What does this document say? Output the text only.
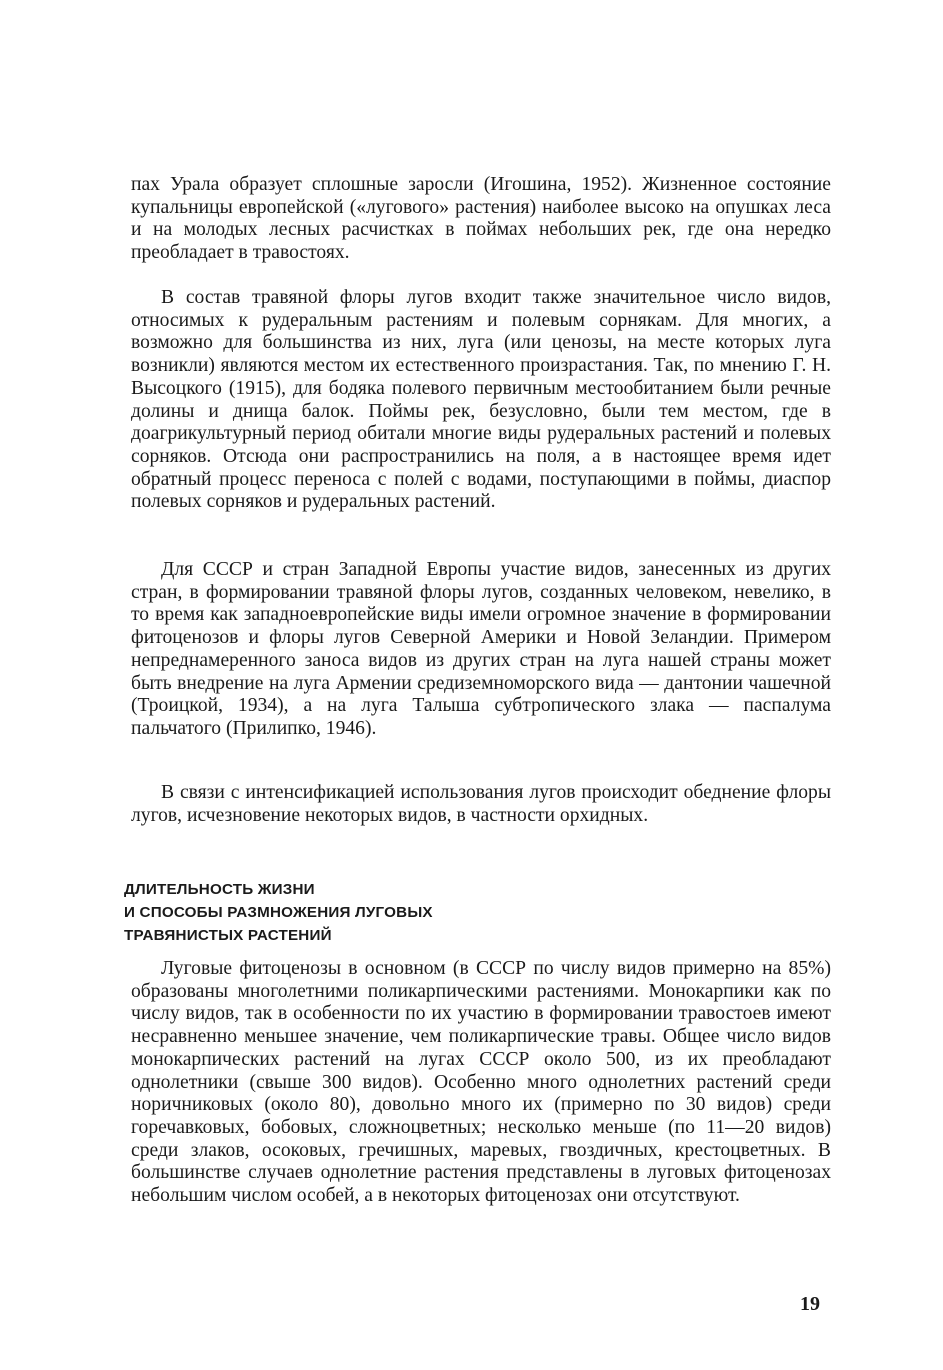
пах Урала образует сплошные заросли (Игошина, 1952). Жизненное состояние купальницы европейской («лугового» растения) наиболее высоко на опушках леса и на молодых лесных расчистках в поймах небольших рек, где она нередко преобладает в травостоях.

В состав травяной флоры лугов входит также значительное число видов, относимых к рудеральным растениям и полевым сорнякам. Для многих, а возможно для большинства из них, луга (или ценозы, на месте которых луга возникли) являются местом их естественного произрастания. Так, по мнению Г. Н. Высоцкого (1915), для бодяка полевого первичным местообитанием были речные долины и днища балок. Поймы рек, безусловно, были тем местом, где в доагрикультурный период обитали многие виды рудеральных растений и полевых сорняков. Отсюда они распространились на поля, а в настоящее время идет обратный процесс переноса с полей с водами, поступающими в поймы, диаспор полевых сорняков и рудеральных растений.

Для СССР и стран Западной Европы участие видов, занесенных из других стран, в формировании травяной флоры лугов, созданных человеком, невелико, в то время как западноевропейские виды имели огромное значение в формировании фитоценозов и флоры лугов Северной Америки и Новой Зеландии. Примером непреднамеренного заноса видов из других стран на луга нашей страны может быть внедрение на луга Армении средиземноморского вида — дантонии чашечной (Троицкой, 1934), а на луга Талыша субтропического злака — паспалума пальчатого (Прилипко, 1946).

В связи с интенсификацией использования лугов происходит обеднение флоры лугов, исчезновение некоторых видов, в частности орхидных.

ДЛИТЕЛЬНОСТЬ ЖИЗНИ
И СПОСОБЫ РАЗМНОЖЕНИЯ ЛУГОВЫХ
ТРАВЯНИСТЫХ РАСТЕНИЙ

Луговые фитоценозы в основном (в СССР по числу видов примерно на 85%) образованы многолетними поликарпическими растениями. Монокарпики как по числу видов, так в особенности по их участию в формировании травостоев имеют несравненно меньшее значение, чем поликарпические травы. Общее число видов монокарпических растений на лугах СССР около 500, из их преобладают однолетники (свыше 300 видов). Особенно много однолетних растений среди норичниковых (около 80), довольно много их (примерно по 30 видов) среди горечавковых, бобовых, сложноцветных; несколько меньше (по 11—20 видов) среди злаков, осоковых, гречишных, маревых, гвоздичных, крестоцветных. В большинстве случаев однолетние растения представлены в луговых фитоценозах небольшим числом особей, а в некоторых фитоценозах они отсутствуют.

19
